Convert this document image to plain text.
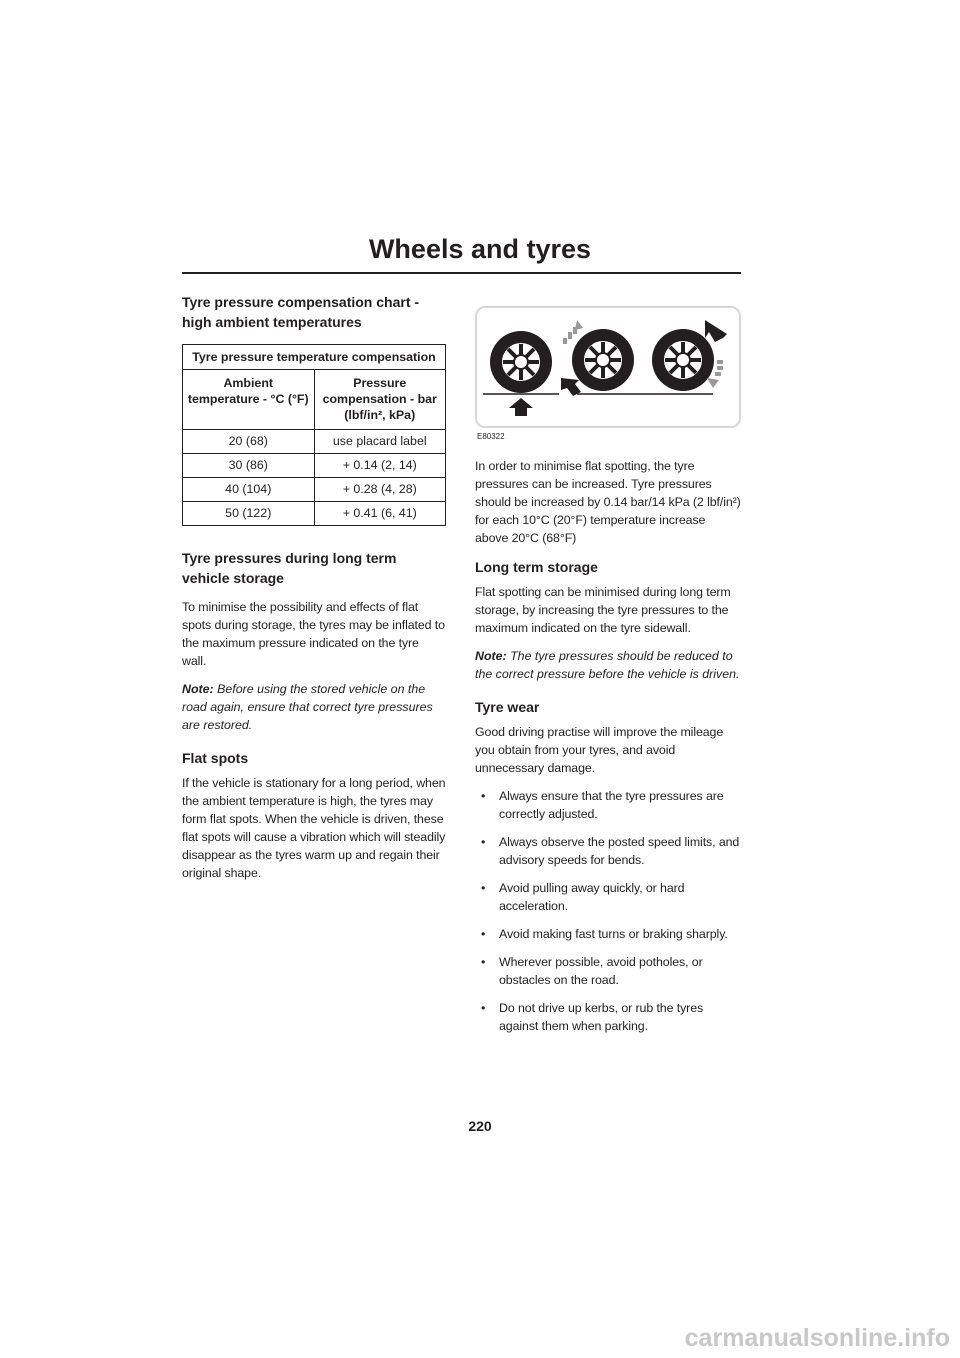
Wheels and tyres
Tyre pressure compensation chart - high ambient temperatures
Tyre pressure temperature compensation	
Ambient temperature - °C (°F)	Pressure compensation - bar (lbf/in², kPa)
20 (68)	use placard label
30 (86)	+ 0.14 (2, 14)
40 (104)	+ 0.28 (4, 28)
50 (122)	+ 0.41 (6, 41)
Tyre pressures during long term vehicle storage

To minimise the possibility and effects of flat spots during storage, the tyres may be inflated to the maximum pressure indicated on the tyre wall.

Note: Before using the stored vehicle on the road again, ensure that correct tyre pressures are restored.

Flat spots

If the vehicle is stationary for a long period, when the ambient temperature is high, the tyres may form flat spots. When the vehicle is driven, these flat spots will cause a vibration which will steadily disappear as the tyres warm up and regain their original shape.

E80322

In order to minimise flat spotting, the tyre pressures can be increased. Tyre pressures should be increased by 0.14 bar/14 kPa (2 lbf/in²) for each 10°C (20°F) temperature increase above 20°C (68°F)

Long term storage

Flat spotting can be minimised during long term storage, by increasing the tyre pressures to the maximum indicated on the tyre sidewall.

Note: The tyre pressures should be reduced to the correct pressure before the vehicle is driven.

Tyre wear

Good driving practise will improve the mileage you obtain from your tyres, and avoid unnecessary damage.

• Always ensure that the tyre pressures are correctly adjusted.
• Always observe the posted speed limits, and advisory speeds for bends.
• Avoid pulling away quickly, or hard acceleration.
• Avoid making fast turns or braking sharply.
• Wherever possible, avoid potholes, or obstacles on the road.
• Do not drive up kerbs, or rub the tyres against them when parking.
220
carmanualsonline.info
